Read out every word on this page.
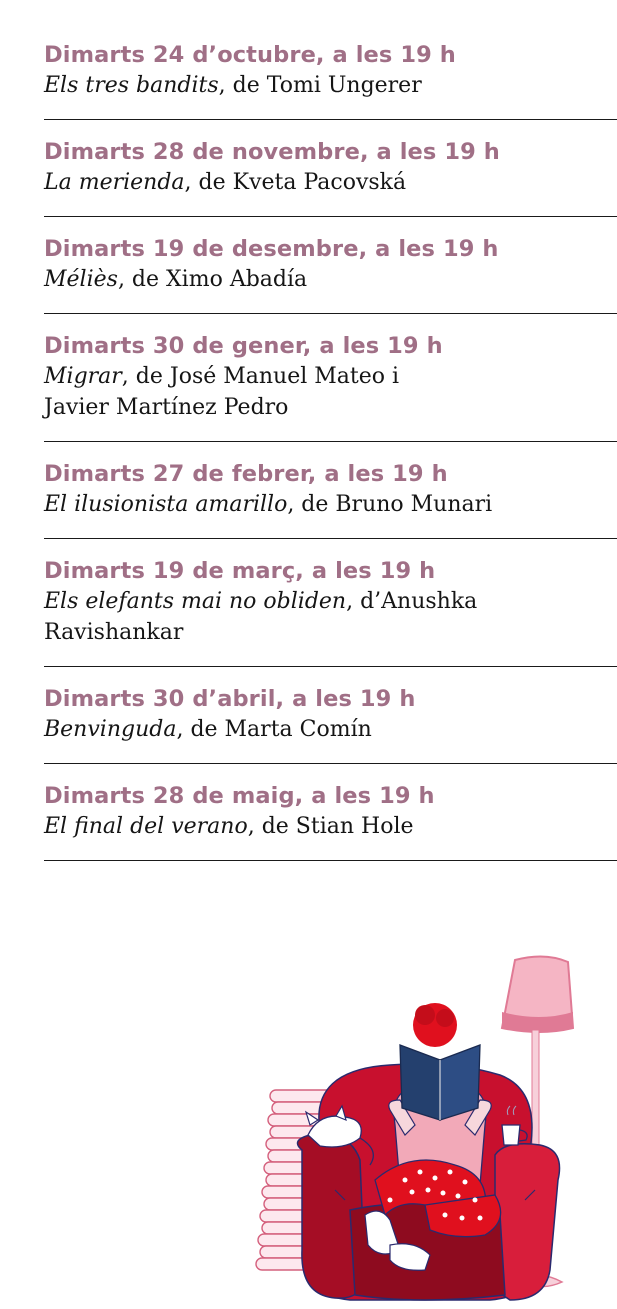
Dimarts 24 d’octubre, a les 19 h
Els tres bandits, de Tomi Ungerer
Dimarts 28 de novembre, a les 19 h
La merienda, de Kveta Pacovská
Dimarts 19 de desembre, a les 19 h
Méliès, de Ximo Abadía
Dimarts 30 de gener, a les 19 h
Migrar, de José Manuel Mateo i Javier Martínez Pedro
Dimarts 27 de febrer, a les 19 h
El ilusionista amarillo, de Bruno Munari
Dimarts 19 de març, a les 19 h
Els elefants mai no obliden, d’Anushka Ravishankar
Dimarts 30 d’abril, a les 19 h
Benvinguda, de Marta Comín
Dimarts 28 de maig, a les 19 h
El final del verano, de Stian Hole
